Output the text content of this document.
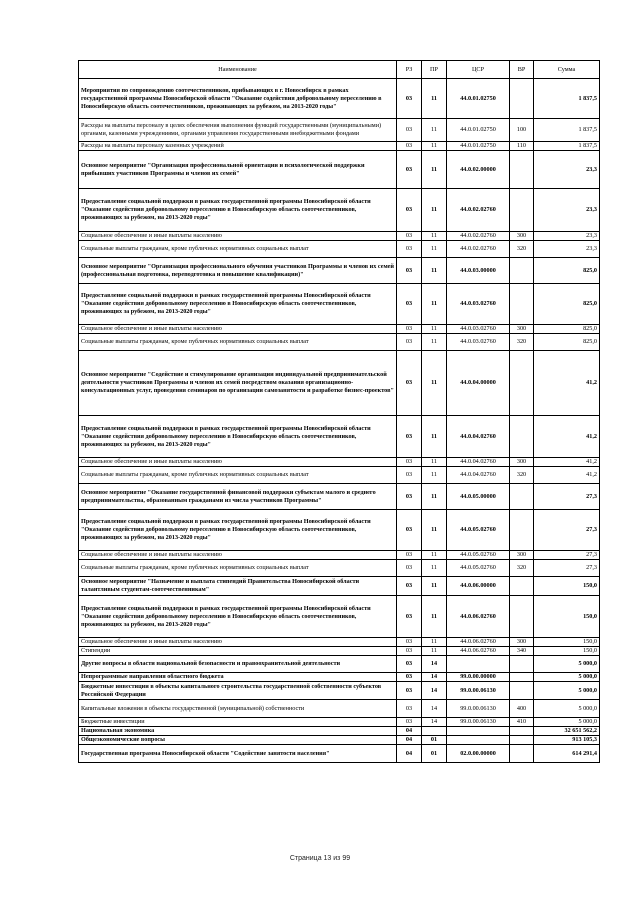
Наименование	РЗ	ПР	ЦСР	ВР	Сумма
Мероприятия по сопровождению соотечественников, прибывающих в г. Новосибирск в рамках государственной программы Новосибирской области "Оказание содействия добровольному переселению в Новосибирскую область соотечественников, проживающих за рубежом, на 2013-2020 годы"	03	11	44.0.01.02750		1 837,5
Расходы на выплаты персоналу в целях обеспечения выполнения функций государственными (муниципальными) органами, казенными учреждениями, органами управления государственными внебюджетными фондами	03	11	44.0.01.02750	100	1 837,5
Расходы на выплаты персоналу казенных учреждений	03	11	44.0.01.02750	110	1 837,5
Основное мероприятие "Организация профессиональной ориентации и психологической поддержки прибывших участников Программы и членов их семей"	03	11	44.0.02.00000		23,3
Предоставление социальной поддержки в рамках государственной программы Новосибирской области "Оказание содействия добровольному переселению в Новосибирскую область соотечественников, проживающих за рубежом, на 2013-2020 годы"	03	11	44.0.02.02760		23,3
Социальное обеспечение и иные выплаты населению	03	11	44.0.02.02760	300	23,3
Социальные выплаты гражданам, кроме публичных нормативных социальных выплат	03	11	44.0.02.02760	320	23,3
Основное мероприятие "Организация профессионального обучения участников Программы и членов их семей (профессиональная подготовка, переподготовка и повышение квалификации)"	03	11	44.0.03.00000		825,0
Предоставление социальной поддержки в рамках государственной программы Новосибирской области "Оказание содействия добровольному переселению в Новосибирскую область соотечественников, проживающих за рубежом, на 2013-2020 годы"	03	11	44.0.03.02760		825,0
Социальное обеспечение и иные выплаты населению	03	11	44.0.03.02760	300	825,0
Социальные выплаты гражданам, кроме публичных нормативных социальных выплат	03	11	44.0.03.02760	320	825,0
Основное мероприятие "Содействие и стимулирование организации индивидуальной предпринимательской деятельности участников Программы и членов их семей посредством оказания организационно-консультационных услуг, проведения семинаров по организации самозанятости и разработке бизнес-проектов"	03	11	44.0.04.00000		41,2
Предоставление социальной поддержки в рамках государственной программы Новосибирской области "Оказание содействия добровольному переселению в Новосибирскую область соотечественников, проживающих за рубежом, на 2013-2020 годы"	03	11	44.0.04.02760		41,2
Социальное обеспечение и иные выплаты населению	03	11	44.0.04.02760	300	41,2
Социальные выплаты гражданам, кроме публичных нормативных социальных выплат	03	11	44.0.04.02760	320	41,2
Основное мероприятие "Оказание государственной финансовой поддержки субъектам малого и среднего предпринимательства, образованным гражданами из числа участников Программы"	03	11	44.0.05.00000		27,3
Предоставление социальной поддержки в рамках государственной программы Новосибирской области "Оказание содействия добровольному переселению в Новосибирскую область соотечественников, проживающих за рубежом, на 2013-2020 годы"	03	11	44.0.05.02760		27,3
Социальное обеспечение и иные выплаты населению	03	11	44.0.05.02760	300	27,3
Социальные выплаты гражданам, кроме публичных нормативных социальных выплат	03	11	44.0.05.02760	320	27,3
Основное мероприятие "Назначение и выплата стипендий Правительства Новосибирской области талантливым студентам-соотечественникам"	03	11	44.0.06.00000		150,0
Предоставление социальной поддержки в рамках государственной программы Новосибирской области "Оказание содействия добровольному переселению в Новосибирскую область соотечественников, проживающих за рубежом, на 2013-2020 годы"	03	11	44.0.06.02760		150,0
Социальное обеспечение и иные выплаты населению	03	11	44.0.06.02760	300	150,0
Стипендии	03	11	44.0.06.02760	340	150,0
Другие вопросы в области национальной безопасности и правоохранительной деятельности	03	14			5 000,0
Непрограммные направления областного бюджета	03	14	99.0.00.00000		5 000,0
Бюджетные инвестиции в объекты капитального строительства государственной собственности субъектов Российской Федерации	03	14	99.0.00.06130		5 000,0
Капитальные вложения в объекты государственной (муниципальной) собственности	03	14	99.0.00.06130	400	5 000,0
Бюджетные инвестиции	03	14	99.0.00.06130	410	5 000,0
Национальная экономика	04				32 651 562,2
Общеэкономические вопросы	04	01			913 105,3
Государственная программа Новосибирской области "Содействие занятости населения"	04	01	02.0.00.00000		614 291,4
Страница 13 из 99
